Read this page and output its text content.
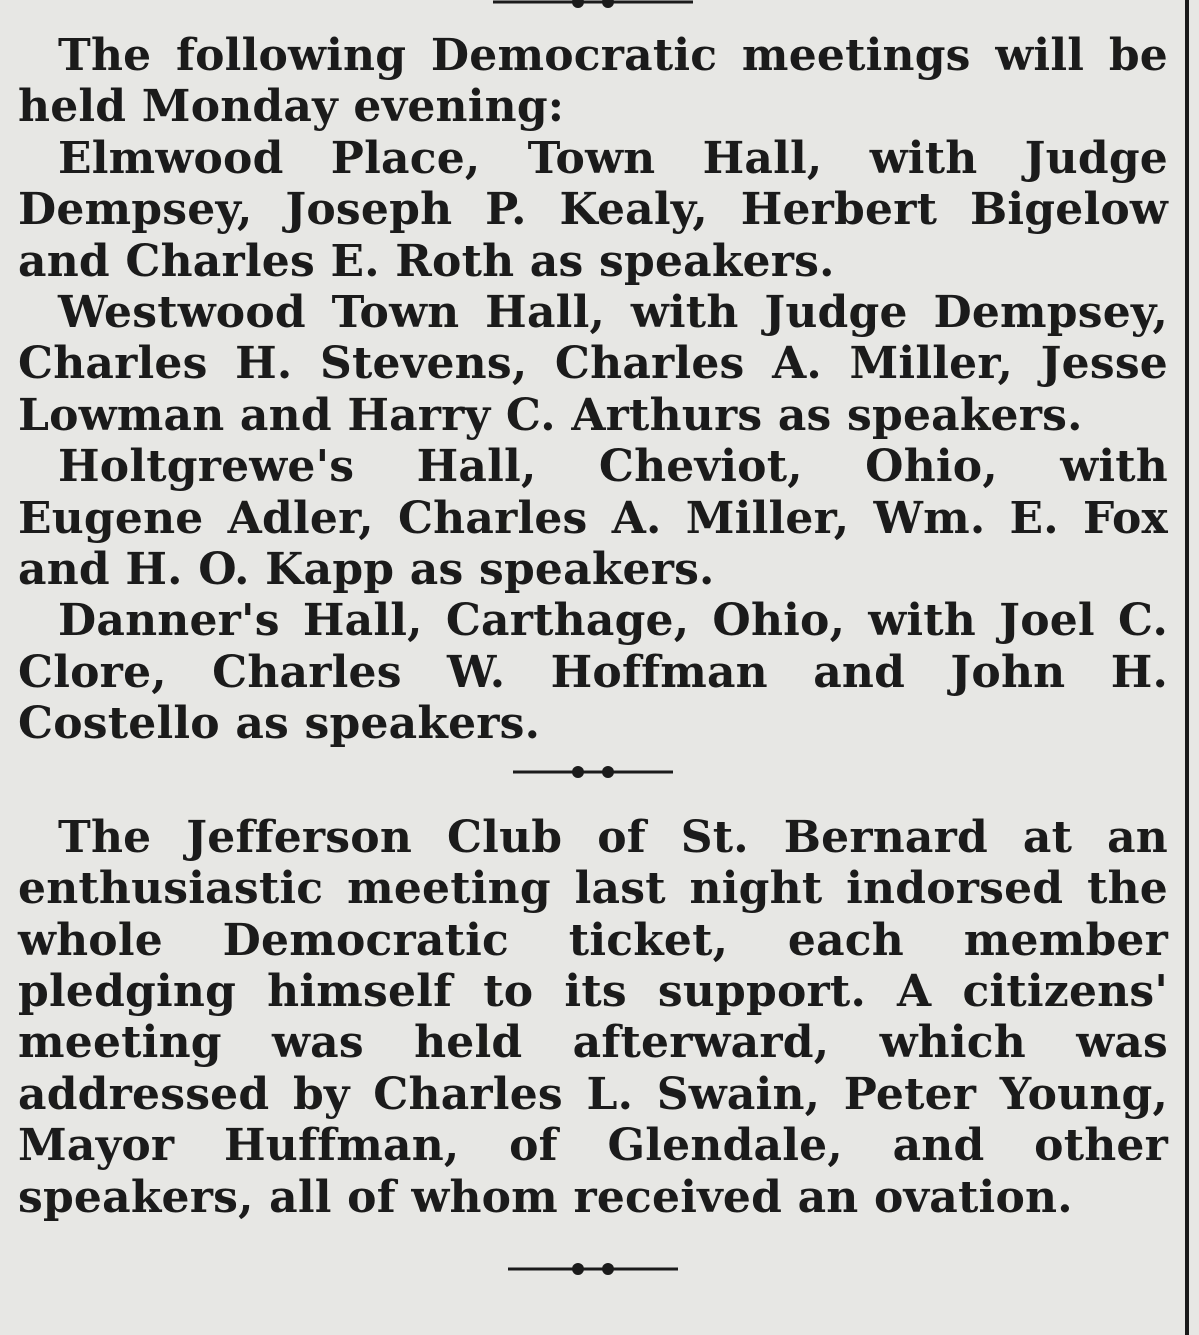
The following Democratic meetings will be held Monday evening:

Elmwood Place, Town Hall, with Judge Dempsey, Joseph P. Kealy, Herbert Bigelow and Charles E. Roth as speakers.

Westwood Town Hall, with Judge Dempsey, Charles H. Stevens, Charles A. Miller, Jesse Lowman and Harry C. Arthurs as speakers.

Holtgrewe's Hall, Cheviot, Ohio, with Eugene Adler, Charles A. Miller, Wm. E. Fox and H. O. Kapp as speakers.

Danner's Hall, Carthage, Ohio, with Joel C. Clore, Charles W. Hoffman and John H. Costello as speakers.

The Jefferson Club of St. Bernard at an enthusiastic meeting last night indorsed the whole Democratic ticket, each member pledging himself to its support. A citizens' meeting was held afterward, which was addressed by Charles L. Swain, Peter Young, Mayor Huffman, of Glendale, and other speakers, all of whom received an ovation.
